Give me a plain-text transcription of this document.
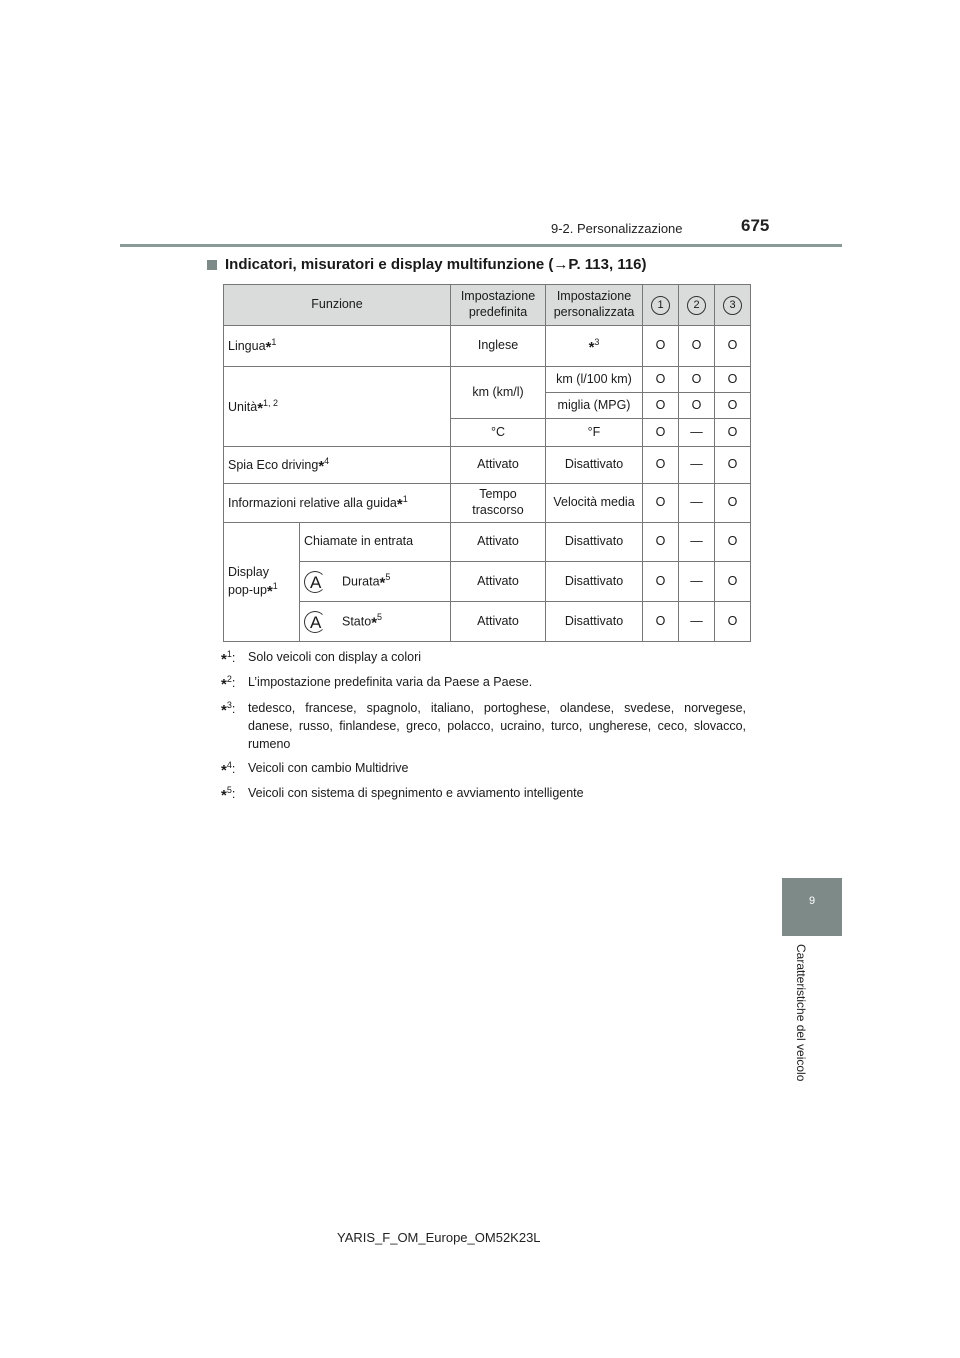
9-2. Personalizzazione	675
Indicatori, misuratori e display multifunzione (→P. 113, 116)
Funzione		Impostazione predefinita	Impostazione personalizzata	1	2	3
Lingua*$^1$		Inglese	*$^3$	O	O	O
Unità*$^{1, 2}$		km (km/l)	km (l/100 km)	O	O	O
			miglia (MPG)	O	O	O
		°C	°F	O	—	O
Spia Eco driving*$^4$		Attivato	Disattivato	O	—	O
Informazioni relative alla guida*$^1$		Tempo trascorso	Velocità media	O	—	O
Display pop-up*$^1$	Chiamate in entrata	Attivato	Disattivato	O	—	O

	A Durata*$^5$	Attivato	Disattivato	O	—	O

	A Stato*$^5$	Attivato	Disattivato	O	—	O
*$^1$:	Solo veicoli con display a colori
*$^2$:	L’impostazione predefinita varia da Paese a Paese.
*$^3$:	tedesco, francese, spagnolo, italiano, portoghese, olandese, svedese, norvegese, danese, russo, finlandese, greco, polacco, ucraino, turco, ungherese, ceco, slovacco, rumeno
*$^4$:	Veicoli con cambio Multidrive
*$^5$:	Veicoli con sistema di spegnimento e avviamento intelligente
9
Caratteristiche del veicolo
YARIS_F_OM_Europe_OM52K23L
